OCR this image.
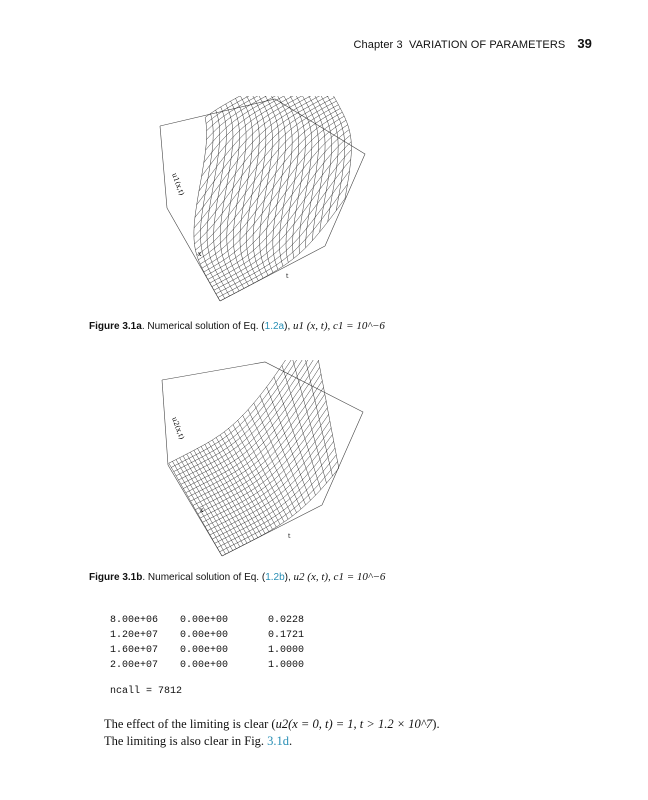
Chapter 3 VARIATION OF PARAMETERS 39
u1(x,t)
x
t
Figure 3.1a. Numerical solution of Eq. (1.2a), u1 (x, t), c1 = 10^−6
u2(x,t)
x
t
Figure 3.1b. Numerical solution of Eq. (1.2b), u2 (x, t), c1 = 10^−6
8.00e+06	0.00e+00	0.0228
1.20e+07	0.00e+00	0.1721
1.60e+07	0.00e+00	1.0000
2.00e+07	0.00e+00	1.0000
ncall = 7812
The effect of the limiting is clear (u2(x = 0, t) = 1, t > 1.2 × 10^7).
The limiting is also clear in Fig. 3.1d.
